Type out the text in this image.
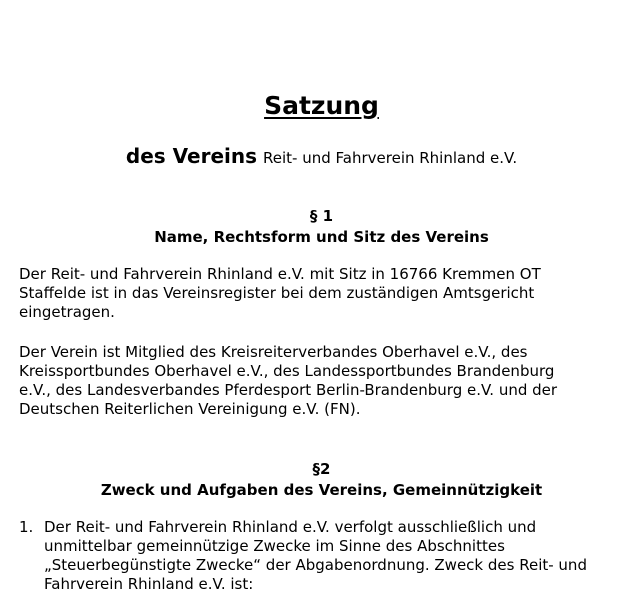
Satzung
des Vereins Reit- und Fahrverein Rhinland e.V.
§ 1
Name, Rechtsform und Sitz des Vereins
Der Reit- und Fahrverein Rhinland e.V. mit Sitz in 16766 Kremmen OT
Staffelde ist in das Vereinsregister bei dem zuständigen Amtsgericht
eingetragen.
Der Verein ist Mitglied des Kreisreiterverbandes Oberhavel e.V., des
Kreissportbundes Oberhavel e.V., des Landessportbundes Brandenburg
e.V., des Landesverbandes Pferdesport Berlin-Brandenburg e.V. und der
Deutschen Reiterlichen Vereinigung e.V. (FN).
§2
Zweck und Aufgaben des Vereins, Gemeinnützigkeit
1. Der Reit- und Fahrverein Rhinland e.V. verfolgt ausschließlich und
unmittelbar gemeinnützige Zwecke im Sinne des Abschnittes
„Steuerbegünstigte Zwecke“ der Abgabenordnung. Zweck des Reit- und
Fahrverein Rhinland e.V. ist:
